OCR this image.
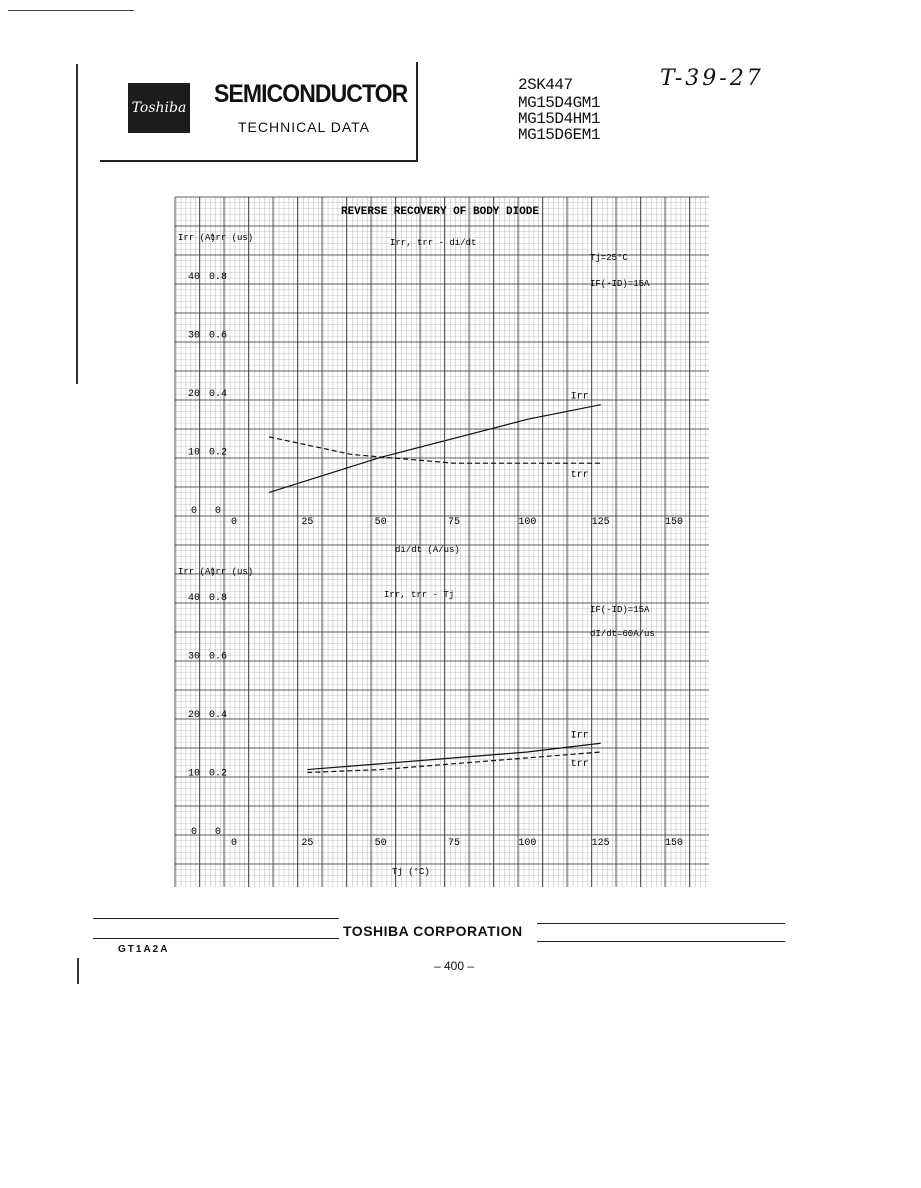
Toshiba SEMICONDUCTOR
TECHNICAL DATA
2SK447
MG15D4GM1
MG15D4HM1
MG15D6EM1
T-39-27
REVERSE RECOVERY OF BODY DIODE
Irr, trr - di/dt
Irr (A)
trr (us)
Tj=25°C
IF(-ID)=15A
di/dt (A/us)
0	25	50	75	100	125	150
0
10
20
30
40
0
0.2
0.4
0.6
0.8
Irr
trr
Irr, trr - Tj
Irr (A)
trr (us)
IF(-ID)=15A
dI/dt=60A/us
Tj (°C)
0	25	50	75	100	125	150
0
10
20
30
40
0
0.2
0.4
0.6
0.8
Irr
trr
TOSHIBA CORPORATION
GT1A2A
– 400 –
